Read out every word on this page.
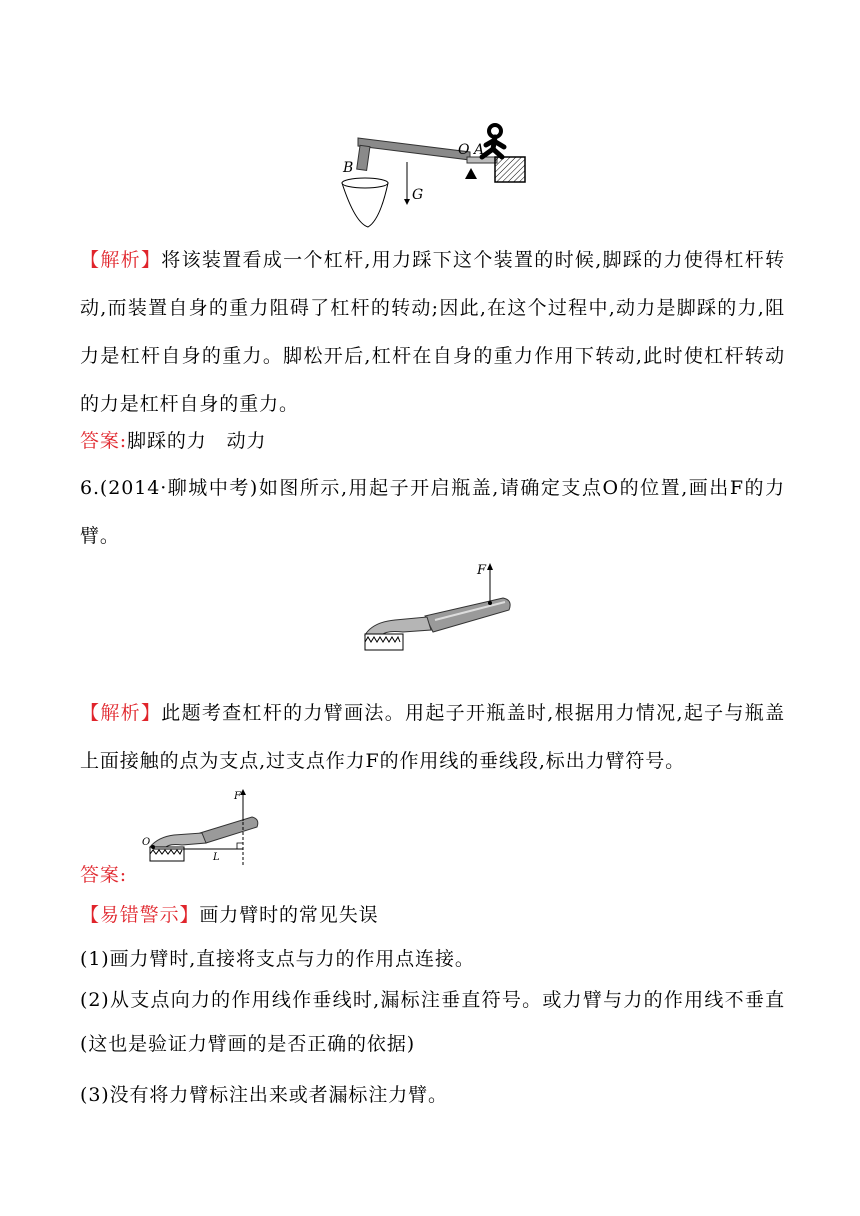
B
O A
G
【解析】将该装置看成一个杠杆,用力踩下这个装置的时候,脚踩的力使得杠杆转动,而装置自身的重力阻碍了杠杆的转动;因此,在这个过程中,动力是脚踩的力,阻力是杠杆自身的重力。脚松开后,杠杆在自身的重力作用下转动,此时使杠杆转动的力是杠杆自身的重力。
答案:脚踩的力　动力
6.(2014·聊城中考)如图所示,用起子开启瓶盖,请确定支点O的位置,画出F的力臂。
F
【解析】此题考查杠杆的力臂画法。用起子开瓶盖时,根据用力情况,起子与瓶盖上面接触的点为支点,过支点作力F的作用线的垂线段,标出力臂符号。
F
O
L
答案:
【易错警示】画力臂时的常见失误
(1)画力臂时,直接将支点与力的作用点连接。
(2)从支点向力的作用线作垂线时,漏标注垂直符号。或力臂与力的作用线不垂直(这也是验证力臂画的是否正确的依据)
(3)没有将力臂标注出来或者漏标注力臂。
